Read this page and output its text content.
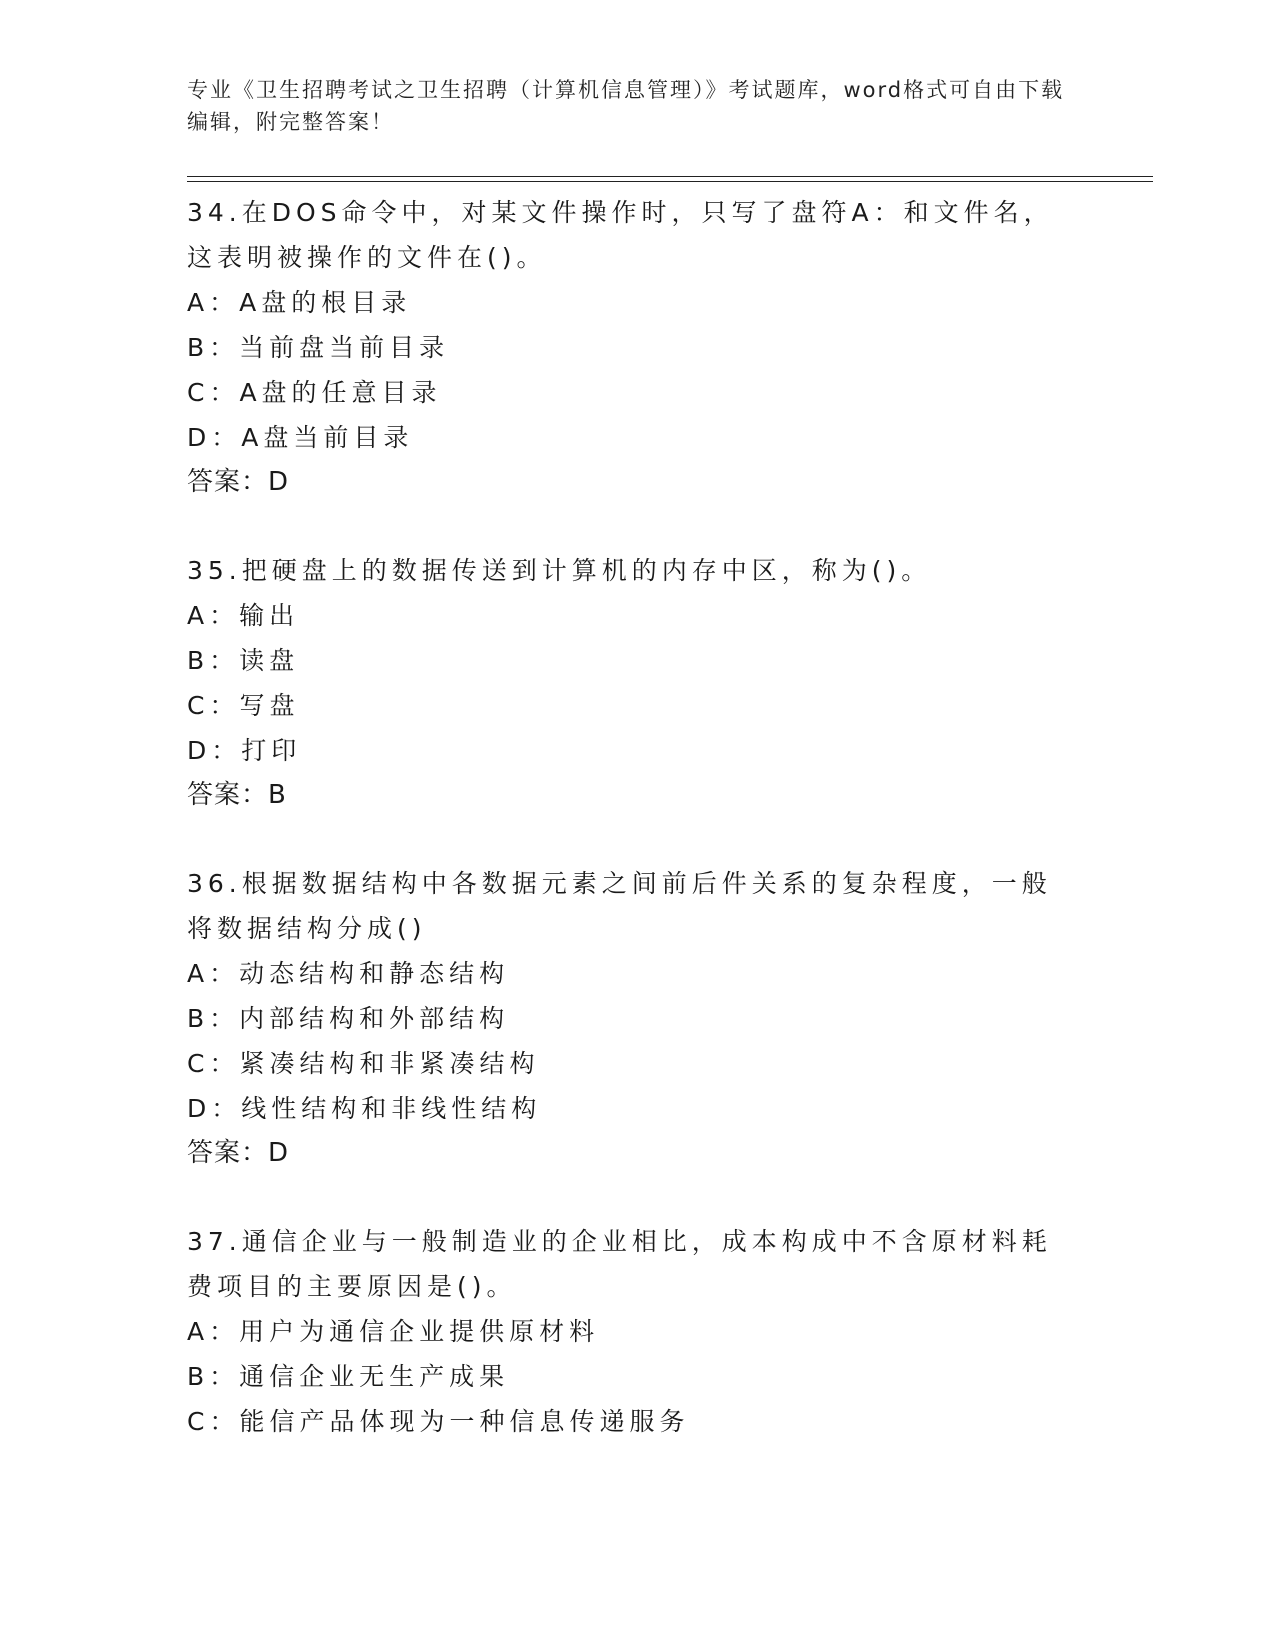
专业《卫生招聘考试之卫生招聘（计算机信息管理）》考试题库，word格式可自由下载编辑，附完整答案！

34.在DOS命令中，对某文件操作时，只写了盘符A：和文件名，这表明被操作的文件在()。

A：A盘的根目录

B：当前盘当前目录

C：A盘的任意目录

D：A盘当前目录

答案：D

35.把硬盘上的数据传送到计算机的内存中区，称为()。

A：输出

B：读盘

C：写盘

D：打印

答案：B

36.根据数据结构中各数据元素之间前后件关系的复杂程度，一般将数据结构分成()

A：动态结构和静态结构

B：内部结构和外部结构

C：紧凑结构和非紧凑结构

D：线性结构和非线性结构

答案：D

37.通信企业与一般制造业的企业相比，成本构成中不含原材料耗费项目的主要原因是()。

A：用户为通信企业提供原材料

B：通信企业无生产成果

C：能信产品体现为一种信息传递服务
